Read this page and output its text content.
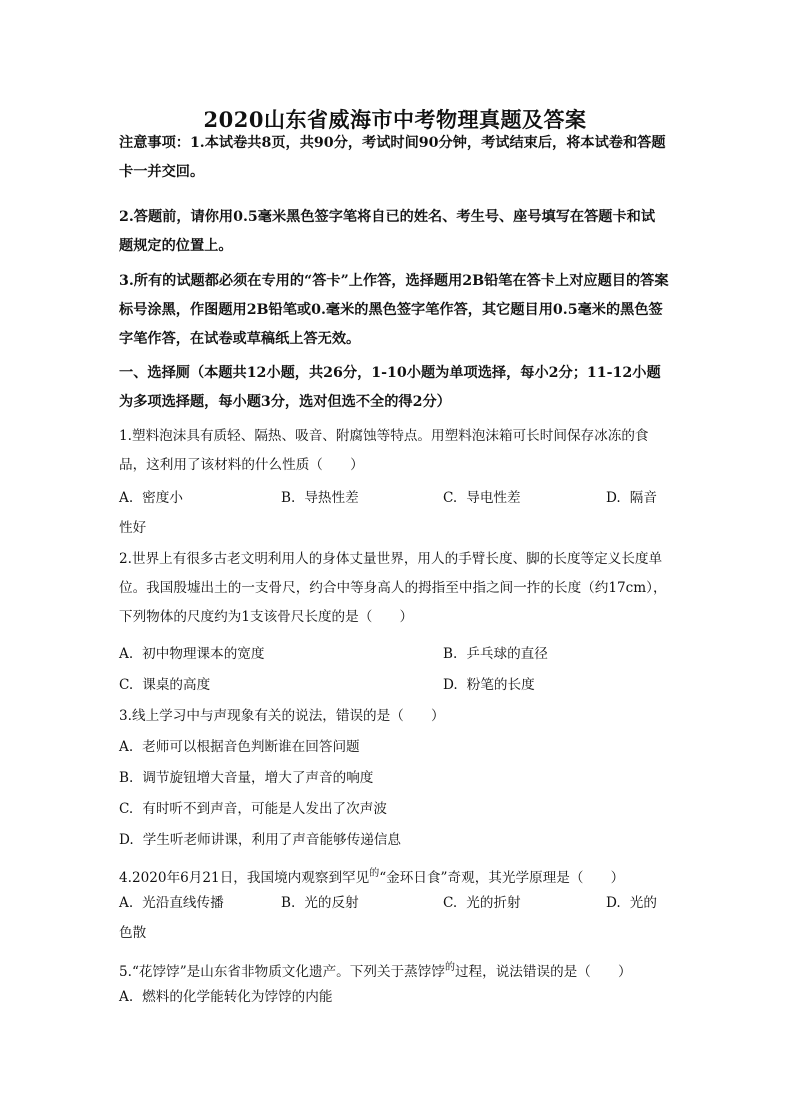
2020山东省威海市中考物理真题及答案
注意事项：1.本试卷共8页，共90分，考试时间90分钟，考试结束后，将本试卷和答题卡一并交回。
2.答题前，请你用0.5毫米黑色签字笔将自已的姓名、考生号、座号填写在答题卡和试题规定的位置上。
3.所有的试题都必须在专用的“答卡”上作答，选择题用2B铅笔在答卡上对应题目的答案标号涂黑，作图题用2B铅笔或0.毫米的黑色签字笔作答，其它题目用0.5毫米的黑色签字笔作答，在试卷或草稿纸上答无效。
一、选择厕（本题共12小题，共26分，1-10小题为单项选择，每小2分；11-12小题为多项选择题，每小题3分，选对但选不全的得2分）
1.塑料泡沫具有质轻、隔热、吸音、附腐蚀等特点。用塑料泡沫箱可长时间保存冰冻的食品，这利用了该材料的什么性质（　　）
A. 密度小	B. 导热性差	C. 导电性差	D. 隔音
性好
2.世界上有很多古老文明利用人的身体丈量世界，用人的手臂长度、脚的长度等定义长度单位。我国殷墟出土的一支骨尺，约合中等身高人的拇指至中指之间一拃的长度（约17cm），下列物体的尺度约为1支该骨尺长度的是（　　）
A. 初中物理课本的宽度	B. 乒乓球的直径
C. 课桌的高度	D. 粉笔的长度
3.线上学习中与声现象有关的说法，错误的是（　　）
A. 老师可以根据音色判断谁在回答问题
B. 调节旋钮增大音量，增大了声音的响度
C. 有时听不到声音，可能是人发出了次声波
D. 学生听老师讲课，利用了声音能够传递信息
4.2020年6月21日，我国境内观察到罕见$^的$“金环日食”奇观，其光学原理是（　　）
A. 光沿直线传播	B. 光的反射	C. 光的折射	D. 光的
色散
5.“花饽饽”是山东省非物质文化遗产。下列关于蒸饽饽$^的$过程，说法错误的是（　　）
A. 燃料的化学能转化为饽饽的内能
